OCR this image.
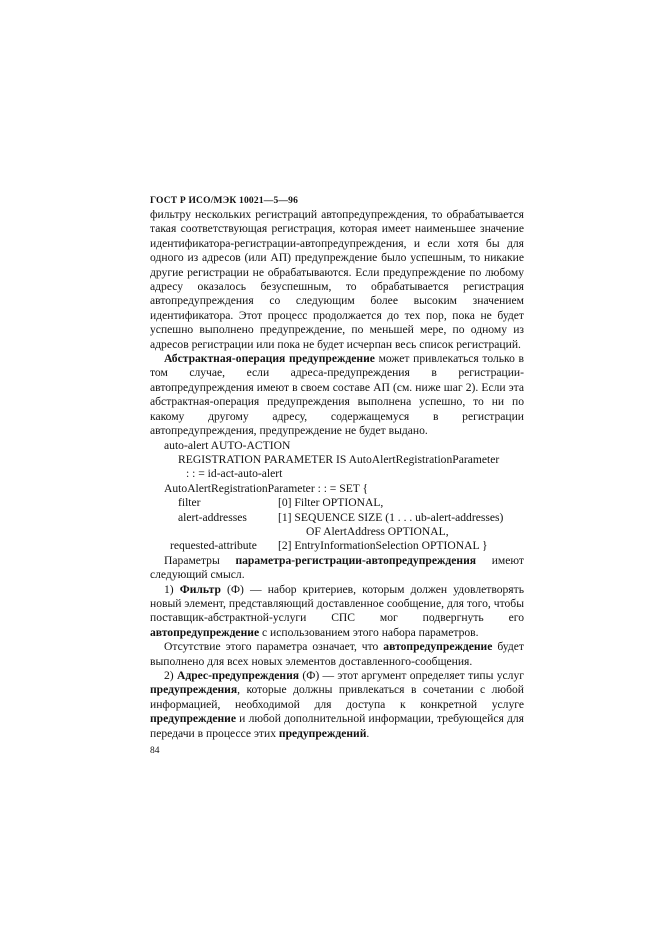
ГОСТ Р ИСО/МЭК 10021—5—96

фильтру нескольких регистраций автопредупреждения, то обрабатывается такая соответствующая регистрация, которая имеет наименьшее значение идентификатора-регистрации-автопредупреждения, и если хотя бы для одного из адресов (или АП) предупреждение было успешным, то никакие другие регистрации не обрабатываются. Если предупреждение по любому адресу оказалось безуспешным, то обрабатывается регистрация автопредупреждения со следующим более высоким значением идентификатора. Этот процесс продолжается до тех пор, пока не будет успешно выполнено предупреждение, по меньшей мере, по одному из адресов регистрации или пока не будет исчерпан весь список регистраций.

Абстрактная-операция предупреждение может привлекаться только в том случае, если адреса-предупреждения в регистрации-автопредупреждения имеют в своем составе АП (см. ниже шаг 2). Если эта абстрактная-операция предупреждения выполнена успешно, то ни по какому другому адресу, содержащемуся в регистрации автопредупреждения, предупреждение не будет выдано.

auto-alert AUTO-ACTION
REGISTRATION PARAMETER IS AutoAlertRegistrationParameter
: : = id-act-auto-alert
AutoAlertRegistrationParameter : : = SET {
filter	[0] Filter OPTIONAL,
alert-addresses	[1] SEQUENCE SIZE (1 . . . ub-alert-addresses)
OF AlertAddress OPTIONAL,
requested-attribute	[2] EntryInformationSelection OPTIONAL }

Параметры параметра-регистрации-автопредупреждения имеют следующий смысл.

1) Фильтр (Ф) — набор критериев, которым должен удовлетворять новый элемент, представляющий доставленное сообщение, для того, чтобы поставщик-абстрактной-услуги СПС мог подвергнуть его автопредупреждение с использованием этого набора параметров.

Отсутствие этого параметра означает, что автопредупреждение будет выполнено для всех новых элементов доставленного-сообщения.

2) Адрес-предупреждения (Ф) — этот аргумент определяет типы услуг предупреждения, которые должны привлекаться в сочетании с любой информацией, необходимой для доступа к конкретной услуге предупреждение и любой дополнительной информации, требующейся для передачи в процессе этих предупреждений.

84
